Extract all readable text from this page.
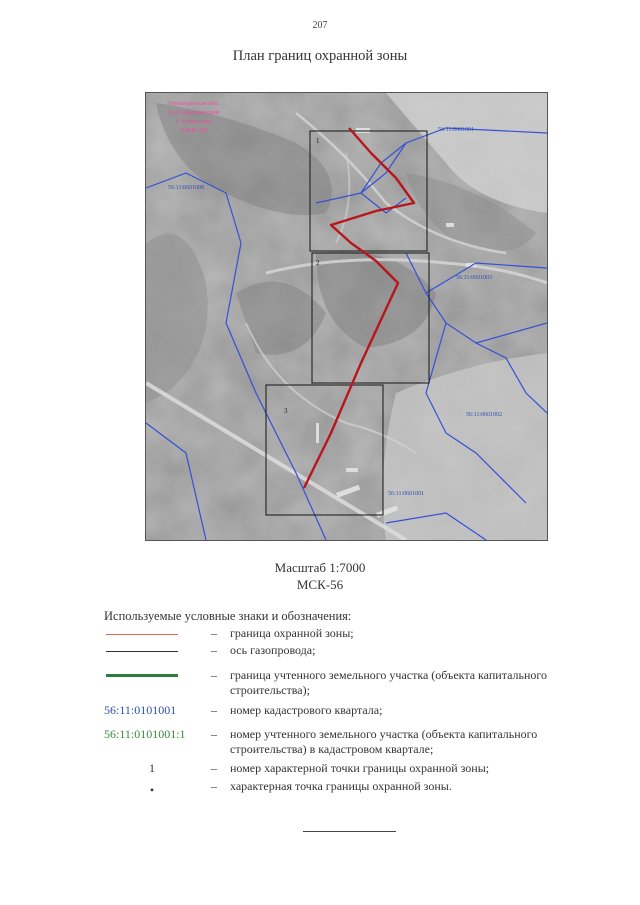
207
План границ охранной зоны
56:11:0601008
56:11:0601001
56:11:0601003
56:11:0601002
56:11:0601001
1
2
3
Оренбургская обл.
р-н Саракташский
с. Новоселки
(ОКВ-ЗД)
Масштаб 1:7000
МСК-56
Используемые условные знаки и обозначения:
– граница охранной зоны;
– ось газопровода;
– граница учтенного земельного участка (объекта капитального строительства);
56:11:0101001	– номер кадастрового квартала;
56:11:0101001:1 – номер учтенного земельного участка (объекта капитального строительства) в кадастровом квартале;
1	– номер характерной точки границы охранной зоны;
•	– характерная точка границы охранной зоны.
